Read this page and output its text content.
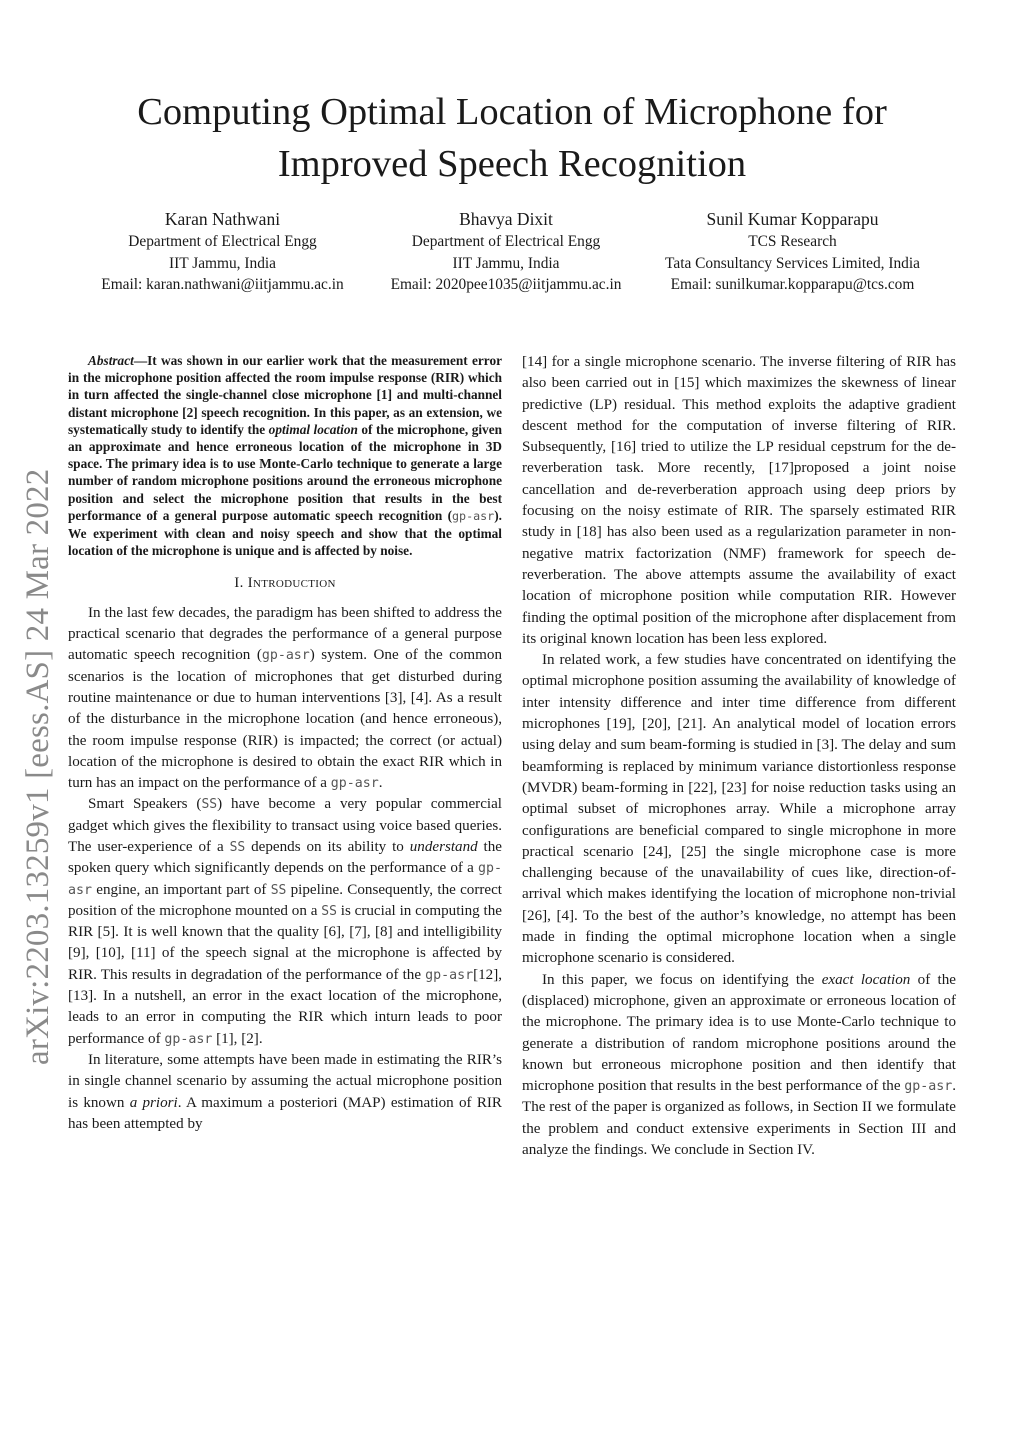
Computing Optimal Location of Microphone for
Improved Speech Recognition
Karan Nathwani
Department of Electrical Engg
IIT Jammu, India
Email: karan.nathwani@iitjammu.ac.in
Bhavya Dixit
Department of Electrical Engg
IIT Jammu, India
Email: 2020pee1035@iitjammu.ac.in
Sunil Kumar Kopparapu
TCS Research
Tata Consultancy Services Limited, India
Email: sunilkumar.kopparapu@tcs.com
arXiv:2203.13259v1 [eess.AS] 24 Mar 2022

Abstract—It was shown in our earlier work that the measurement error in the microphone position affected the room impulse response (RIR) which in turn affected the single-channel close microphone [1] and multi-channel distant microphone [2] speech recognition. In this paper, as an extension, we systematically study to identify the optimal location of the microphone, given an approximate and hence erroneous location of the microphone in 3D space. The primary idea is to use Monte-Carlo technique to generate a large number of random microphone positions around the erroneous microphone position and select the microphone position that results in the best performance of a general purpose automatic speech recognition (gp-asr). We experiment with clean and noisy speech and show that the optimal location of the microphone is unique and is affected by noise.

I. Introduction

In the last few decades, the paradigm has been shifted to address the practical scenario that degrades the performance of a general purpose automatic speech recognition (gp-asr) system. One of the common scenarios is the location of microphones that get disturbed during routine maintenance or due to human interventions [3], [4]. As a result of the disturbance in the microphone location (and hence erroneous), the room impulse response (RIR) is impacted; the correct (or actual) location of the microphone is desired to obtain the exact RIR which in turn has an impact on the performance of a gp-asr.

Smart Speakers (SS) have become a very popular commercial gadget which gives the flexibility to transact using voice based queries. The user-experience of a SS depends on its ability to understand the spoken query which significantly depends on the performance of a gp-asr engine, an important part of SS pipeline. Consequently, the correct position of the microphone mounted on a SS is crucial in computing the RIR [5]. It is well known that the quality [6], [7], [8] and intelligibility [9], [10], [11] of the speech signal at the microphone is affected by RIR. This results in degradation of the performance of the gp-asr[12], [13]. In a nutshell, an error in the exact location of the microphone, leads to an error in computing the RIR which inturn leads to poor performance of gp-asr [1], [2].

In literature, some attempts have been made in estimating the RIR’s in single channel scenario by assuming the actual microphone position is known a priori. A maximum a posteriori (MAP) estimation of RIR has been attempted by

[14] for a single microphone scenario. The inverse filtering of RIR has also been carried out in [15] which maximizes the skewness of linear predictive (LP) residual. This method exploits the adaptive gradient descent method for the computation of inverse filtering of RIR. Subsequently, [16] tried to utilize the LP residual cepstrum for the de-reverberation task. More recently, [17]proposed a joint noise cancellation and de-reverberation approach using deep priors by focusing on the noisy estimate of RIR. The sparsely estimated RIR study in [18] has also been used as a regularization parameter in non-negative matrix factorization (NMF) framework for speech de-reverberation. The above attempts assume the availability of exact location of microphone position while computation RIR. However finding the optimal position of the microphone after displacement from its original known location has been less explored.

In related work, a few studies have concentrated on identifying the optimal microphone position assuming the availability of knowledge of inter intensity difference and inter time difference from different microphones [19], [20], [21]. An analytical model of location errors using delay and sum beam-forming is studied in [3]. The delay and sum beamforming is replaced by minimum variance distortionless response (MVDR) beam-forming in [22], [23] for noise reduction tasks using an optimal subset of microphones array. While a microphone array configurations are beneficial compared to single microphone in more practical scenario [24], [25] the single microphone case is more challenging because of the unavailability of cues like, direction-of-arrival which makes identifying the location of microphone non-trivial [26], [4]. To the best of the author’s knowledge, no attempt has been made in finding the optimal microphone location when a single microphone scenario is considered.

In this paper, we focus on identifying the exact location of the (displaced) microphone, given an approximate or erroneous location of the microphone. The primary idea is to use Monte-Carlo technique to generate a distribution of random microphone positions around the known but erroneous microphone position and then identify that microphone position that results in the best performance of the gp-asr. The rest of the paper is organized as follows, in Section II we formulate the problem and conduct extensive experiments in Section III and analyze the findings. We conclude in Section IV.
